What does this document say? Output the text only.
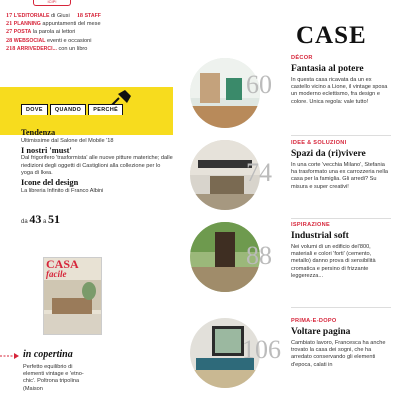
ICIP!
17 L'EDITORIALE di Giusi 18 STAFF
21 PLANNING appuntamenti del mese
27 POSTA la parola ai lettori
28 WEBSOCIAL eventi e occasioni
218 ARRIVEDERCI... con un libro
DOVE	QUANDO	PERCHÉ

Tendenza

Ultimissime dal Salone del Mobile '18

I nostri 'must'

Dal frigorifero 'trasformista' alle nuove pitture materiche; dalle riedizioni degli oggetti di Castiglioni alla collezione per lo yoga di Ikea.

Icone del design

La libreria Infinito di Franco Albini

da 43 a 51
CASA
facile
in copertina
Perfetto equilibrio di elementi vintage e 'etno-chic'. Poltrona tripolina (Maison
CASE
60
DÉCOR
Fantasia al potere
In questa casa ricavata da un ex castello vicino a Lione, il vintage sposa un moderno eclettismo, fra design e colore. Unica regola: vale tutto!
74
IDEE & SOLUZIONI
Spazi da (ri)vivere
In una corte 'vecchia Milano', Stefania ha trasformato una ex carrozzeria nella casa per la famiglia. Gli arredi? Su misura e super creativi!
88
ISPIRAZIONE
Industrial soft
Nei volumi di un edificio del'800, materiali e colori 'forti' (cemento, metallo) danno prova di sensibilità cromatica e persino di frizzante leggerezza...
106
PRIMA-E-DOPO
Voltare pagina
Cambiato lavoro, Francesca ha anche trovato la casa dei sogni, che ha arredato conservando gli elementi d'epoca, calati in
